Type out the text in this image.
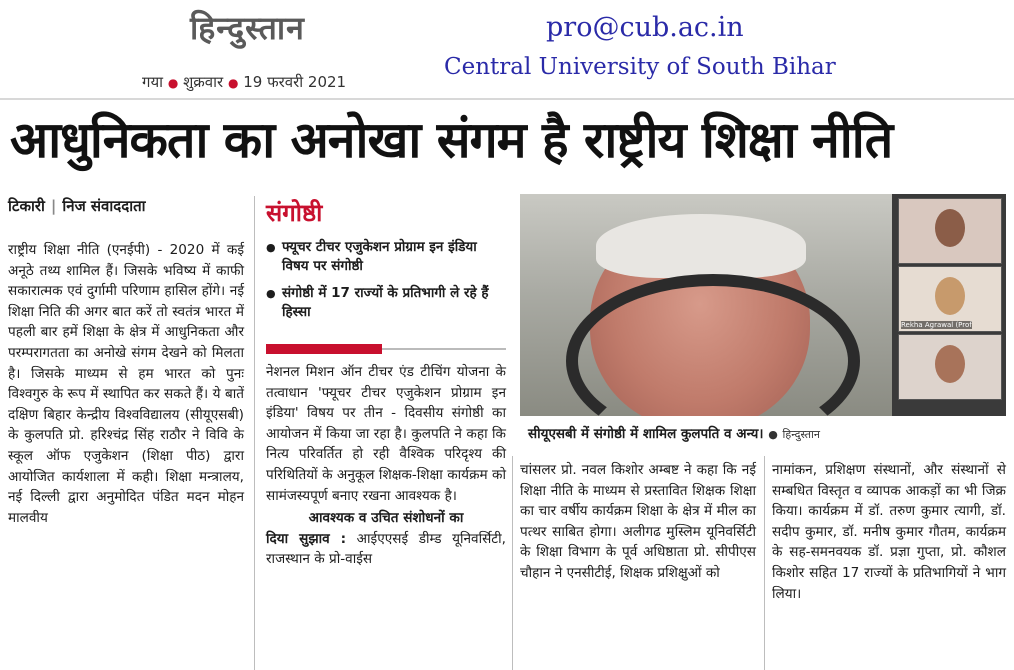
हिन्दुस्तान
गया ● शुक्रवार ● 19 फरवरी 2021
pro@cub.ac.in
Central University of South Bihar
आधुनिकता का अनोखा संगम है राष्ट्रीय शिक्षा नीति
टिकारी | निज संवाददाता
राष्ट्रीय शिक्षा नीति (एनईपी) - 2020 में कई अनूठे तथ्य शामिल हैं। जिसके भविष्य में काफी सकारात्मक एवं दुर्गामी परिणाम हासिल होंगे। नई शिक्षा निति की अगर बात करें तो स्वतंत्र भारत में पहली बार हमें शिक्षा के क्षेत्र में आधुनिकता और परम्परागतता का अनोखे संगम देखने को मिलता है। जिसके माध्यम से हम भारत को पुनः विश्वगुरु के रूप में स्थापित कर सकते हैं। ये बातें दक्षिण बिहार केन्द्रीय विश्वविद्यालय (सीयूएसबी) के कुलपति प्रो. हरिश्चंद्र सिंह राठौर ने विवि के स्कूल ऑफ एजुकेशन (शिक्षा पीठ) द्वारा आयोजित कार्यशाला में कही। शिक्षा मन्त्रालय, नई दिल्ली द्वारा अनुमोदित पंडित मदन मोहन मालवीय
संगोष्ठी
● फ्यूचर टीचर एजुकेशन प्रोग्राम इन इंडिया विषय पर संगोष्ठी
● संगोष्ठी में 17 राज्यों के प्रतिभागी ले रहे हैं हिस्सा
नेशनल मिशन ऑन टीचर एंड टीचिंग योजना के तत्वाधान 'फ्यूचर टीचर एजुकेशन प्रोग्राम इन इंडिया' विषय पर तीन - दिवसीय संगोष्ठी का आयोजन में किया जा रहा है। कुलपति ने कहा कि नित्य परिवर्तित हो रही वैश्विक परिदृश्य की परिथितियों के अनुकूल शिक्षक-शिक्षा कार्यक्रम को सामंजस्यपूर्ण बनाए रखना आवश्यक है।
आवश्यक व उचित संशोधनों का
दिया सुझाव : आईएएसई डीम्ड यूनिवर्सिटी, राजस्थान के प्रो-वाईस
Rekha Agrawal (Prof
सीयूएसबी में संगोष्ठी में शामिल कुलपति व अन्य। ● हिन्दुस्तान
चांसलर प्रो. नवल किशोर अम्बष्ट ने कहा कि नई शिक्षा नीति के माध्यम से प्रस्तावित शिक्षक शिक्षा का चार वर्षीय कार्यक्रम शिक्षा के क्षेत्र में मील का पत्थर साबित होगा। अलीगढ मुस्लिम यूनिवर्सिटी के शिक्षा विभाग के पूर्व अधिष्ठाता प्रो. सीपीएस चौहान ने एनसीटीई, शिक्षक प्रशिक्षुओं को
नामांकन, प्रशिक्षण संस्थानों, और संस्थानों से सम्बधित विस्तृत व व्यापक आकड़ों का भी जिक्र किया। कार्यक्रम में डॉ. तरुण कुमार त्यागी, डॉ. सदीप कुमार, डॉ. मनीष कुमार गौतम, कार्यक्रम के सह-समनवयक डॉ. प्रज्ञा गुप्ता, प्रो. कौशल किशोर सहित 17 राज्यों के प्रतिभागियों ने भाग लिया।
